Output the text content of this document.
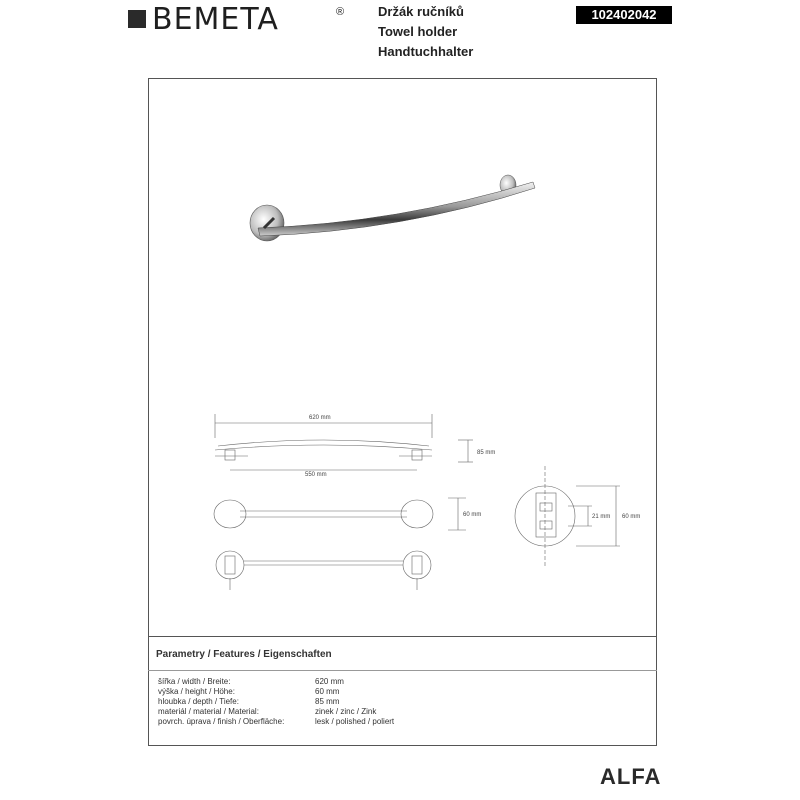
BEMETA	®	Držák ručníků
Towel holder
Handtuchhalter
102402042
620 mm
550 mm
85 mm
60 mm	21 mm 60 mm
Parametry / Features / Eigenschaften
šířka / width / Breite:	620 mm
výška / height / Höhe:	60 mm
hloubka / depth / Tiefe:	85 mm
materiál / material / Material:	zinek / zinc / Zink
povrch. úprava / finish / Oberfläche:	lesk / polished / poliert
ALFA
